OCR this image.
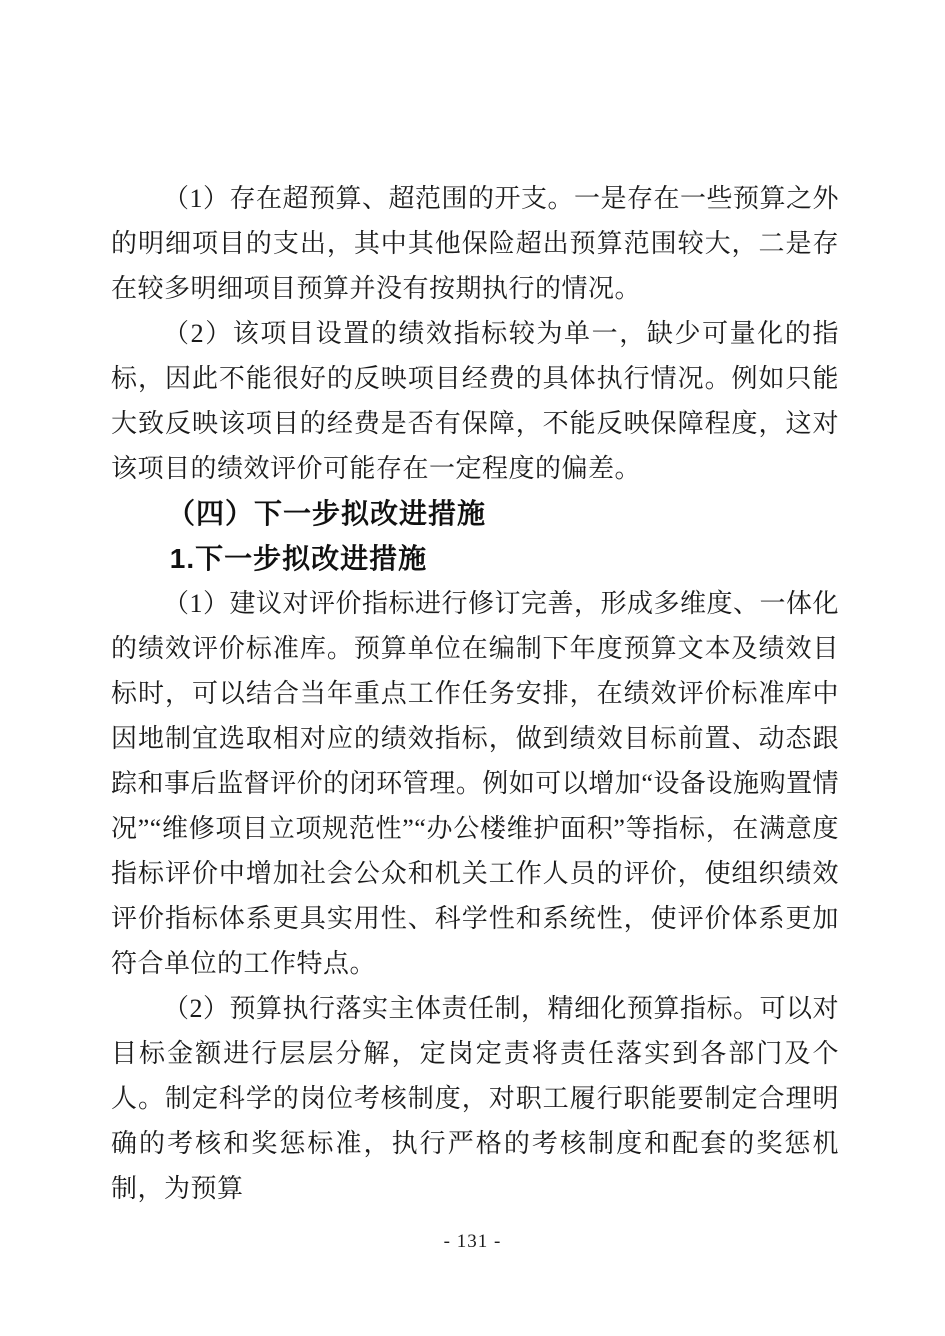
（1）存在超预算、超范围的开支。一是存在一些预算之外的明细项目的支出，其中其他保险超出预算范围较大，二是存在较多明细项目预算并没有按期执行的情况。

（2）该项目设置的绩效指标较为单一，缺少可量化的指标，因此不能很好的反映项目经费的具体执行情况。例如只能大致反映该项目的经费是否有保障，不能反映保障程度，这对该项目的绩效评价可能存在一定程度的偏差。

（四）下一步拟改进措施
1.下一步拟改进措施

（1）建议对评价指标进行修订完善，形成多维度、一体化的绩效评价标准库。预算单位在编制下年度预算文本及绩效目标时，可以结合当年重点工作任务安排，在绩效评价标准库中因地制宜选取相对应的绩效指标，做到绩效目标前置、动态跟踪和事后监督评价的闭环管理。例如可以增加“设备设施购置情况”“维修项目立项规范性”“办公楼维护面积”等指标，在满意度指标评价中增加社会公众和机关工作人员的评价，使组织绩效评价指标体系更具实用性、科学性和系统性，使评价体系更加符合单位的工作特点。

（2）预算执行落实主体责任制，精细化预算指标。可以对目标金额进行层层分解，定岗定责将责任落实到各部门及个人。制定科学的岗位考核制度，对职工履行职能要制定合理明确的考核和奖惩标准，执行严格的考核制度和配套的奖惩机制，为预算

- 131 -
